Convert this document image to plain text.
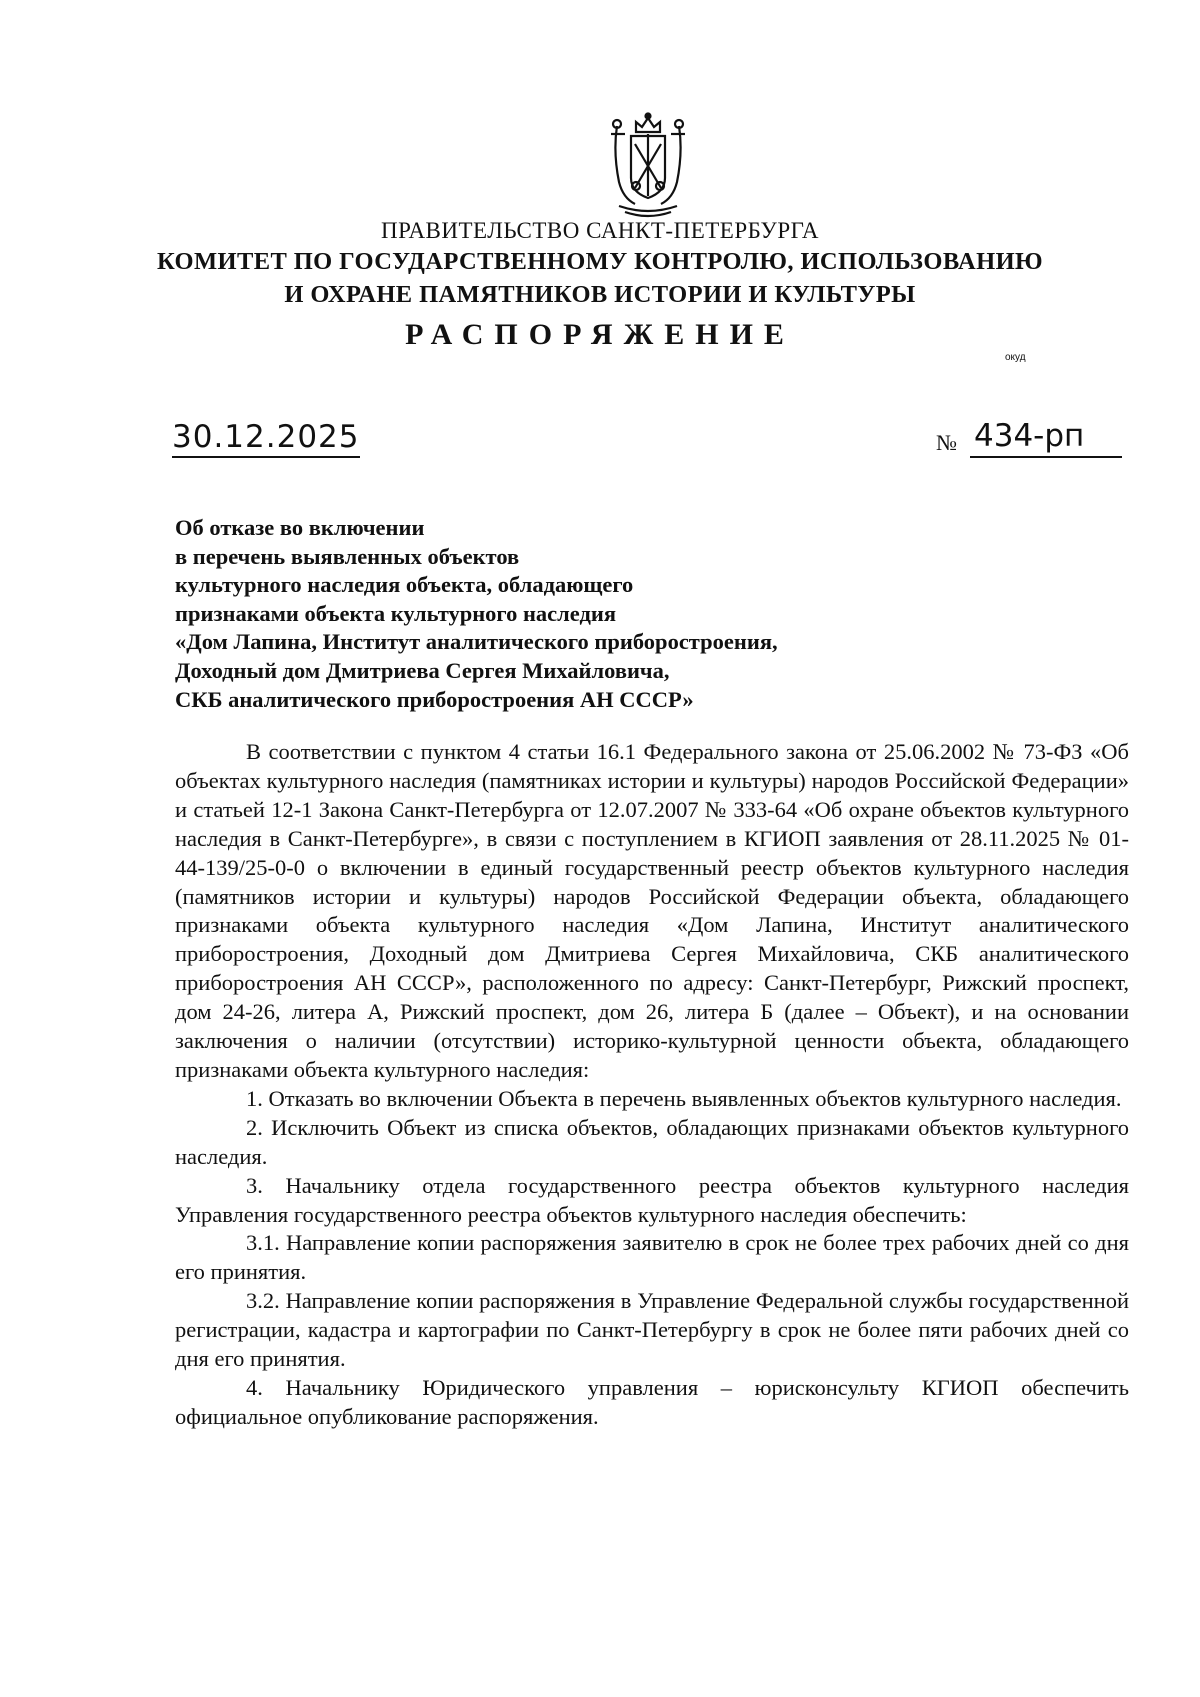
ПРАВИТЕЛЬСТВО САНКТ-ПЕТЕРБУРГА
КОМИТЕТ ПО ГОСУДАРСТВЕННОМУ КОНТРОЛЮ, ИСПОЛЬЗОВАНИЮ
И ОХРАНЕ ПАМЯТНИКОВ ИСТОРИИ И КУЛЬТУРЫ
РАСПОРЯЖЕНИЕ
окуд
30.12.2025	№ 434-рп
Об отказе во включении
в перечень выявленных объектов
культурного наследия объекта, обладающего
признаками объекта культурного наследия
«Дом Лапина, Институт аналитического приборостроения,
Доходный дом Дмитриева Сергея Михайловича,
СКБ аналитического приборостроения АН СССР»

В соответствии с пунктом 4 статьи 16.1 Федерального закона от 25.06.2002 № 73-ФЗ «Об объектах культурного наследия (памятниках истории и культуры) народов Российской Федерации» и статьей 12-1 Закона Санкт-Петербурга от 12.07.2007 № 333-64 «Об охране объектов культурного наследия в Санкт-Петербурге», в связи с поступлением в КГИОП заявления от 28.11.2025 № 01-44-139/25-0-0 о включении в единый государственный реестр объектов культурного наследия (памятников истории и культуры) народов Российской Федерации объекта, обладающего признаками объекта культурного наследия «Дом Лапина, Институт аналитического приборостроения, Доходный дом Дмитриева Сергея Михайловича, СКБ аналитического приборостроения АН СССР», расположенного по адресу: Санкт-Петербург, Рижский проспект, дом 24-26, литера А, Рижский проспект, дом 26, литера Б (далее – Объект), и на основании заключения о наличии (отсутствии) историко-культурной ценности объекта, обладающего признаками объекта культурного наследия:

1. Отказать во включении Объекта в перечень выявленных объектов культурного наследия.

2. Исключить Объект из списка объектов, обладающих признаками объектов культурного наследия.

3. Начальнику отдела государственного реестра объектов культурного наследия Управления государственного реестра объектов культурного наследия обеспечить:

3.1. Направление копии распоряжения заявителю в срок не более трех рабочих дней со дня его принятия.

3.2. Направление копии распоряжения в Управление Федеральной службы государственной регистрации, кадастра и картографии по Санкт-Петербургу в срок не более пяти рабочих дней со дня его принятия.

4. Начальнику Юридического управления – юрисконсульту КГИОП обеспечить официальное опубликование распоряжения.
